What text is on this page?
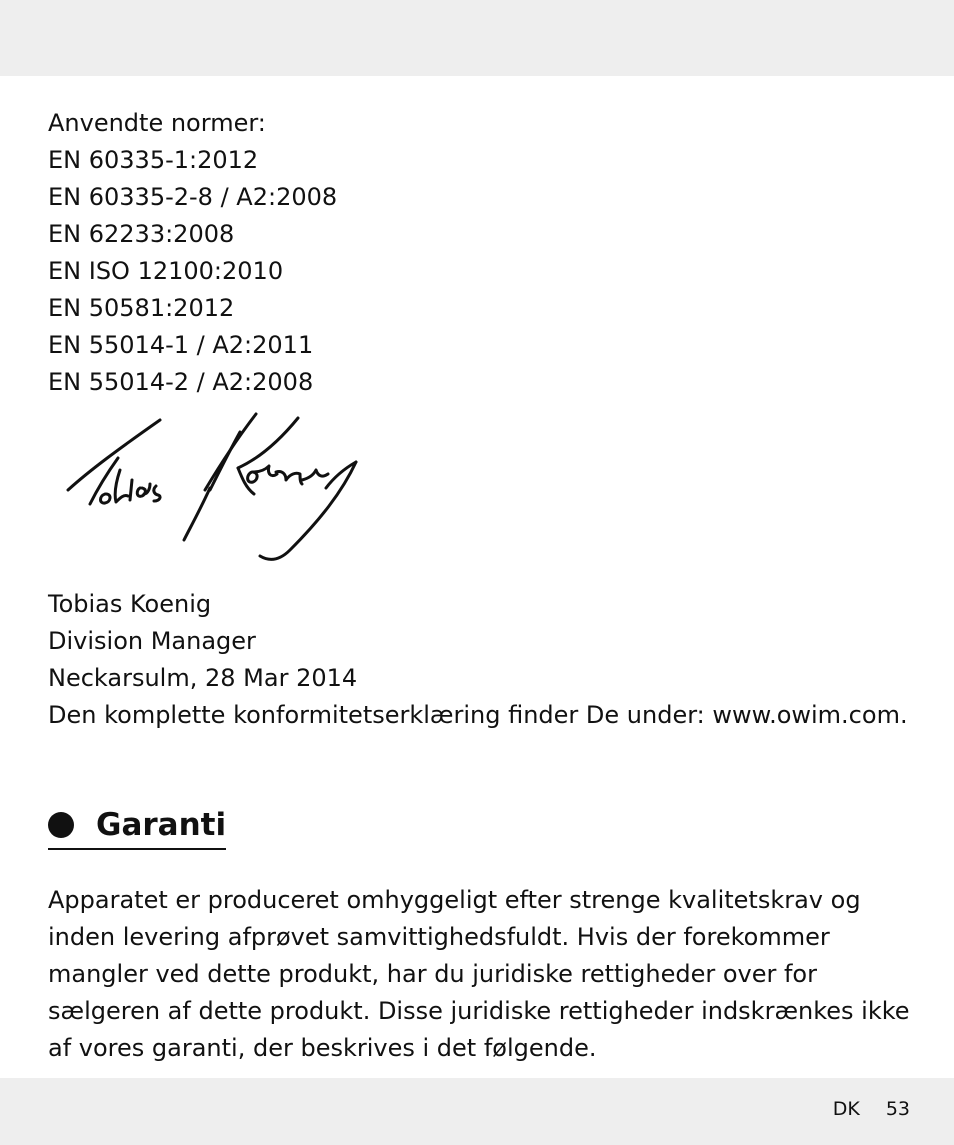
Anvendte normer:
EN 60335-1:2012
EN 60335-2-8 / A2:2008
EN 62233:2008
EN ISO 12100:2010
EN 50581:2012
EN 55014-1 / A2:2011
EN 55014-2 / A2:2008
Tobias Koenig
Division Manager
Neckarsulm, 28 Mar 2014
Den komplette konformitetserklæring finder De under: www.owim.com.
Garanti
Apparatet er produceret omhyggeligt efter strenge kvalitetskrav og inden levering afprøvet samvittighedsfuldt. Hvis der forekommer mangler ved dette produkt, har du juridiske rettigheder over for sælgeren af dette produkt. Disse juridiske rettigheder indskrænkes ikke af vores garanti, der beskrives i det følgende.
DK 53
